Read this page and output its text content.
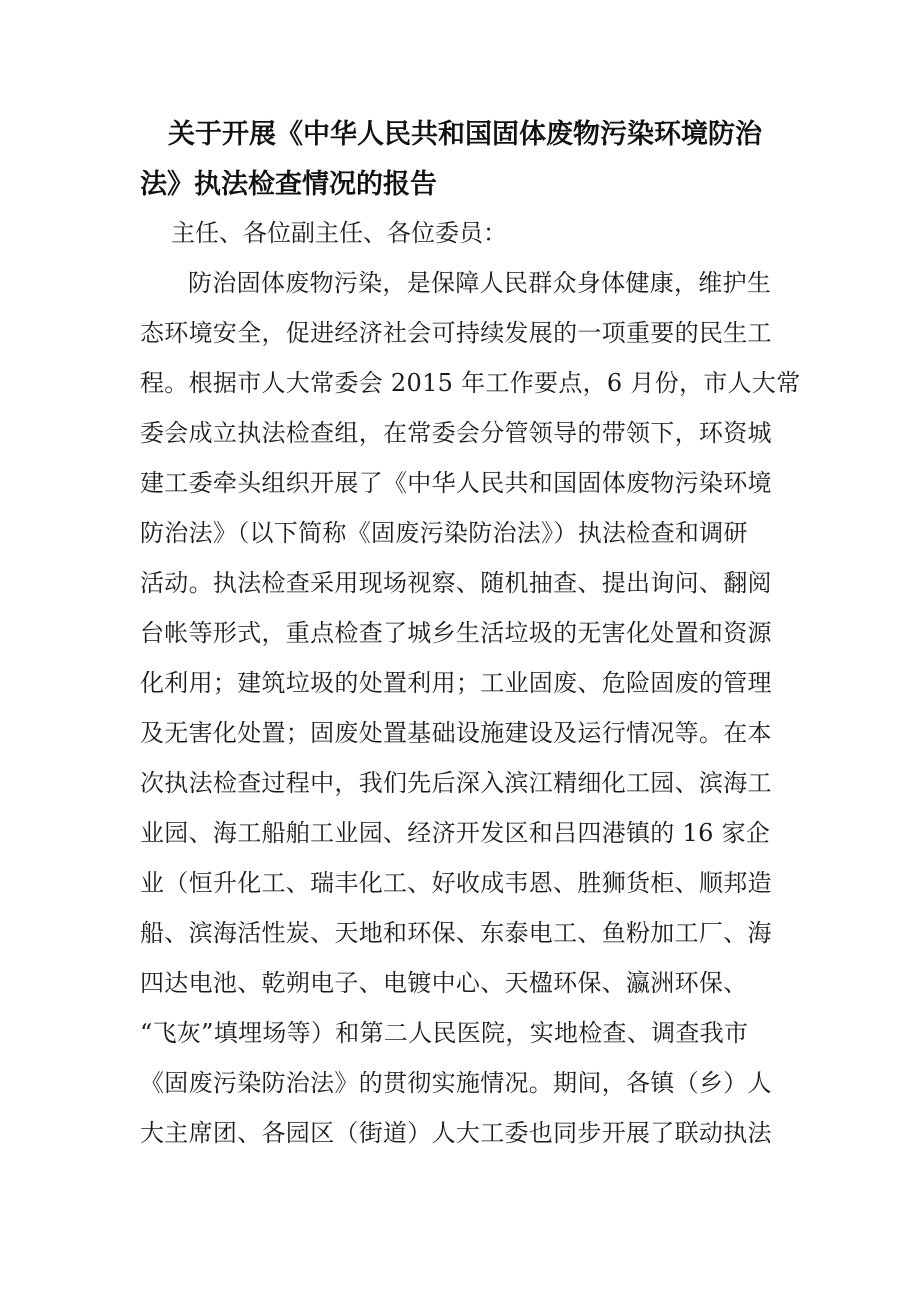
关于开展《中华人民共和国固体废物污染环境防治
法》执法检查情况的报告
主任、各位副主任、各位委员：
防治固体废物污染，是保障人民群众身体健康，维护生
态环境安全，促进经济社会可持续发展的一项重要的民生工
程。根据市人大常委会 2015 年工作要点，6 月份，市人大常
委会成立执法检查组，在常委会分管领导的带领下，环资城
建工委牵头组织开展了《中华人民共和国固体废物污染环境
防治法》（以下简称《固废污染防治法》）执法检查和调研
活动。执法检查采用现场视察、随机抽查、提出询问、翻阅
台帐等形式，重点检查了城乡生活垃圾的无害化处置和资源
化利用；建筑垃圾的处置利用；工业固废、危险固废的管理
及无害化处置；固废处置基础设施建设及运行情况等。在本
次执法检查过程中，我们先后深入滨江精细化工园、滨海工
业园、海工船舶工业园、经济开发区和吕四港镇的 16 家企
业（恒升化工、瑞丰化工、好收成韦恩、胜狮货柜、顺邦造
船、滨海活性炭、天地和环保、东泰电工、鱼粉加工厂、海
四达电池、乾朔电子、电镀中心、天楹环保、瀛洲环保、
“飞灰”填埋场等）和第二人民医院，实地检查、调查我市
《固废污染防治法》的贯彻实施情况。期间，各镇（乡）人
大主席团、各园区（街道）人大工委也同步开展了联动执法
